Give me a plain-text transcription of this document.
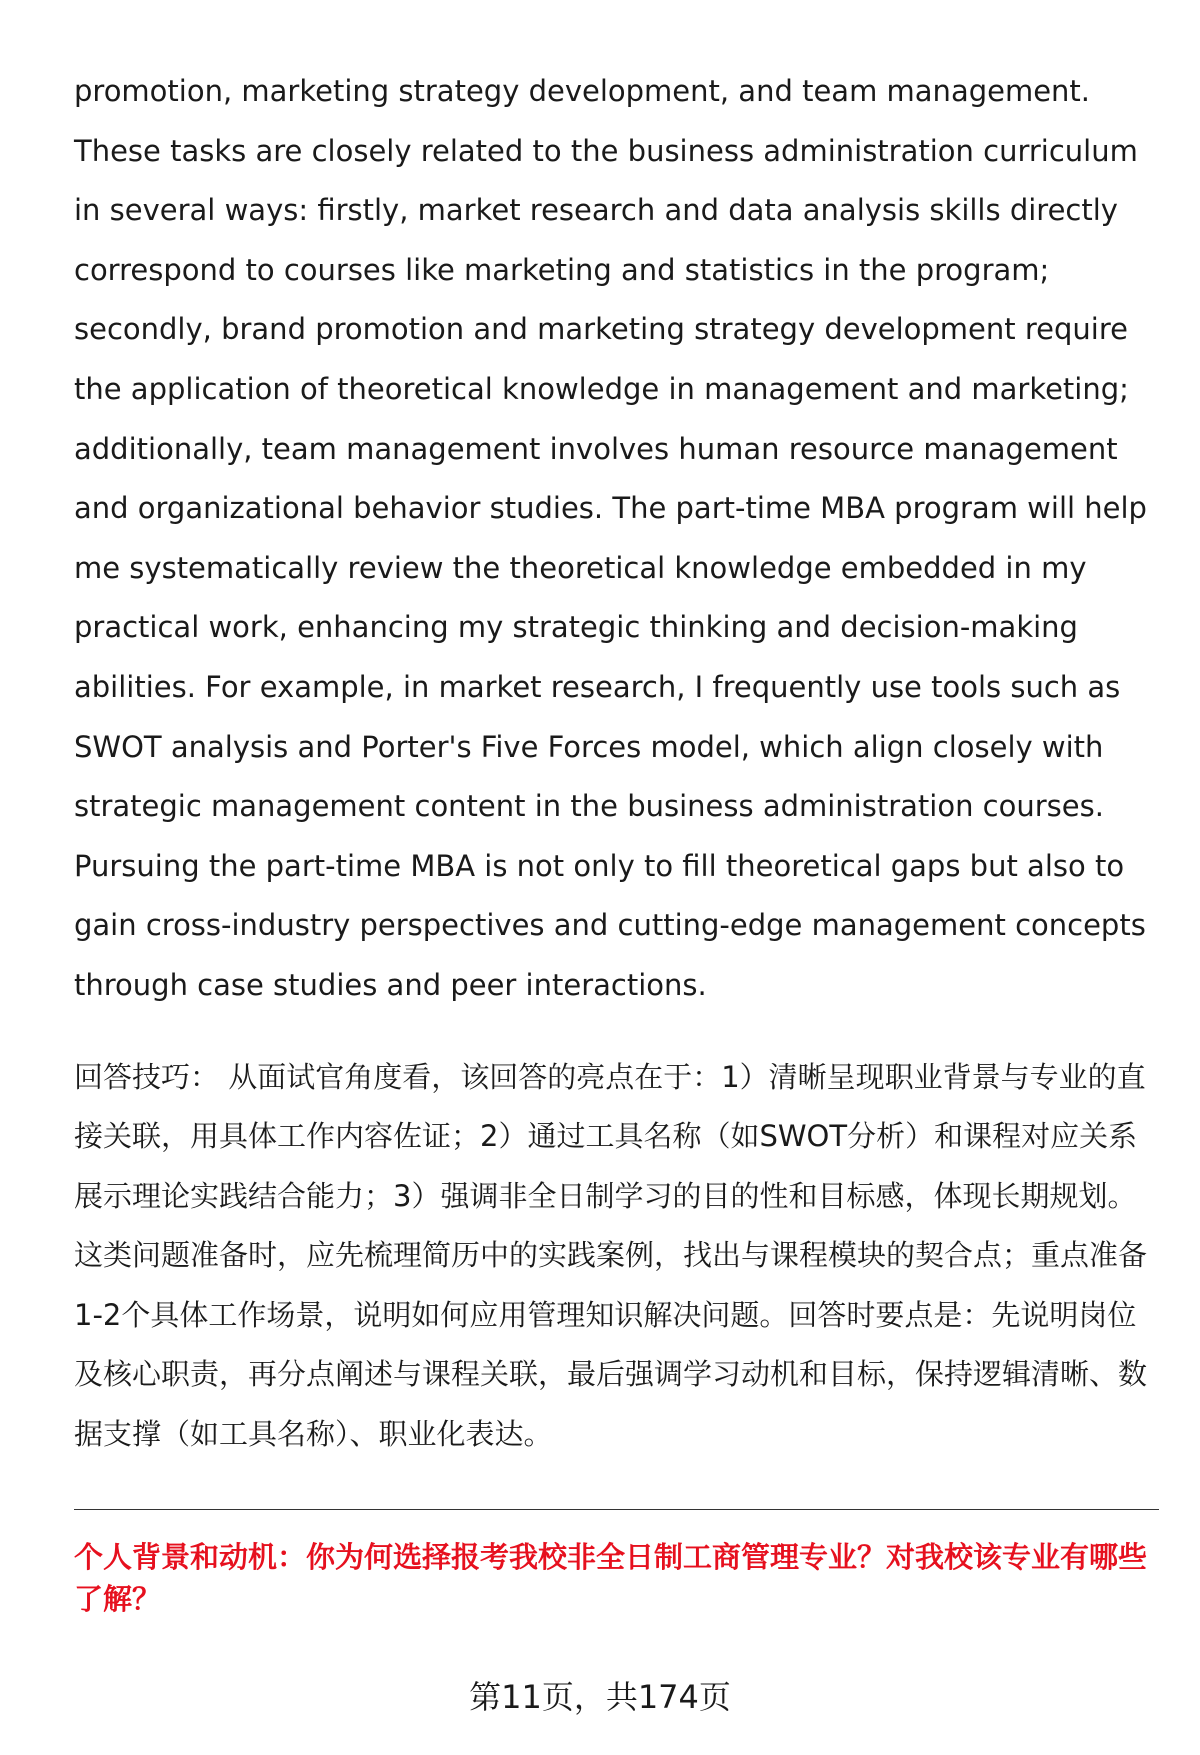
promotion, marketing strategy development, and team management. These tasks are closely related to the business administration curriculum in several ways: firstly, market research and data analysis skills directly correspond to courses like marketing and statistics in the program; secondly, brand promotion and marketing strategy development require the application of theoretical knowledge in management and marketing; additionally, team management involves human resource management and organizational behavior studies. The part-time MBA program will help me systematically review the theoretical knowledge embedded in my practical work, enhancing my strategic thinking and decision-making abilities. For example, in market research, I frequently use tools such as SWOT analysis and Porter's Five Forces model, which align closely with strategic management content in the business administration courses. Pursuing the part-time MBA is not only to fill theoretical gaps but also to gain cross-industry perspectives and cutting-edge management concepts through case studies and peer interactions.

回答技巧： 从面试官角度看，该回答的亮点在于：1）清晰呈现职业背景与专业的直接关联，用具体工作内容佐证；2）通过工具名称（如SWOT分析）和课程对应关系展示理论实践结合能力；3）强调非全日制学习的目的性和目标感，体现长期规划。这类问题准备时，应先梳理简历中的实践案例，找出与课程模块的契合点；重点准备1-2个具体工作场景，说明如何应用管理知识解决问题。回答时要点是：先说明岗位及核心职责，再分点阐述与课程关联，最后强调学习动机和目标，保持逻辑清晰、数据支撑（如工具名称）、职业化表达。

个人背景和动机：你为何选择报考我校非全日制工商管理专业？对我校该专业有哪些了解？

第11页，共174页
